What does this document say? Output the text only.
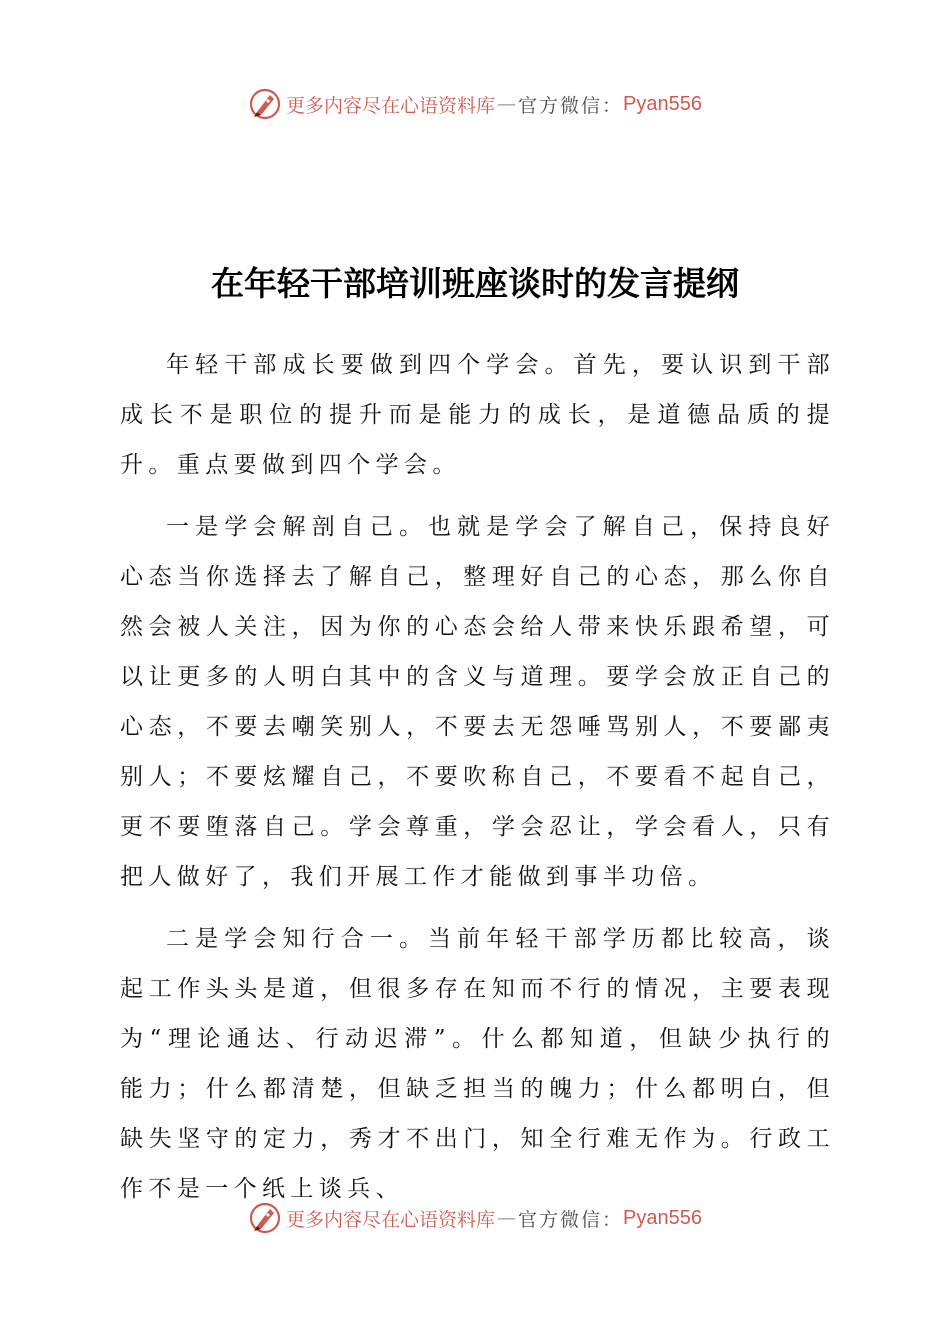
更多内容尽在心语资料库 — 官方微信： Pyan556
在年轻干部培训班座谈时的发言提纲

年轻干部成长要做到四个学会。首先，要认识到干部成长不是职位的提升而是能力的成长，是道德品质的提升。重点要做到四个学会。

一是学会解剖自己。也就是学会了解自己，保持良好心态当你选择去了解自己，整理好自己的心态，那么你自然会被人关注，因为你的心态会给人带来快乐跟希望，可以让更多的人明白其中的含义与道理。要学会放正自己的心态，不要去嘲笑别人，不要去无怨唾骂别人，不要鄙夷别人；不要炫耀自己，不要吹称自己，不要看不起自己，更不要堕落自己。学会尊重，学会忍让，学会看人，只有把人做好了，我们开展工作才能做到事半功倍。

二是学会知行合一。当前年轻干部学历都比较高，谈起工作头头是道，但很多存在知而不行的情况，主要表现为“理论通达、行动迟滞”。什么都知道，但缺少执行的能力；什么都清楚，但缺乏担当的魄力；什么都明白，但缺失坚守的定力，秀才不出门，知全行难无作为。行政工作不是一个纸上谈兵、

更多内容尽在心语资料库 — 官方微信： Pyan556
